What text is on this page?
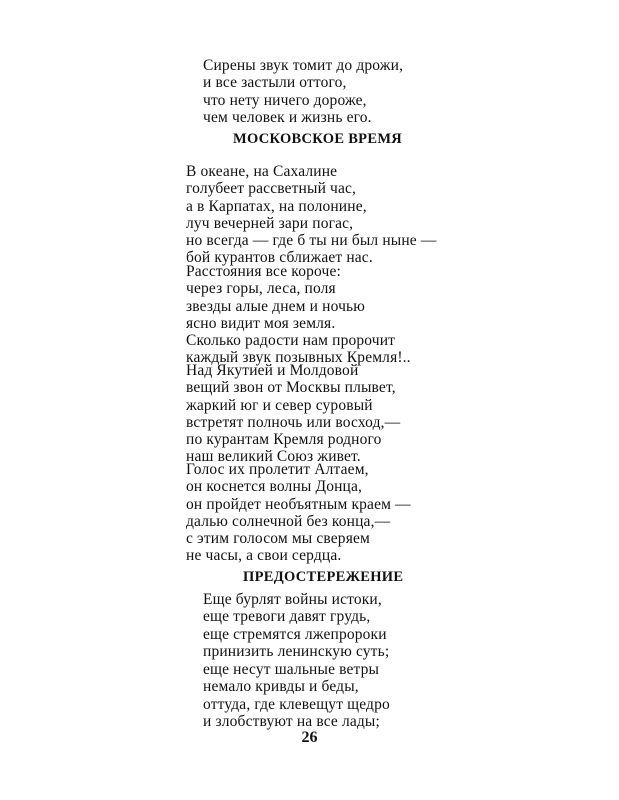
Сирены звук томит до дрожи,
и все застыли оттого,
что нету ничего дороже,
чем человек и жизнь его.
МОСКОВСКОЕ ВРЕМЯ
В океане, на Сахалине
голубеет рассветный час,
а в Карпатах, на полонине,
луч вечерней зари погас,
но всегда — где б ты ни был ныне —
бой курантов сближает нас.
Расстояния все короче:
через горы, леса, поля
звезды алые днем и ночью
ясно видит моя земля.
Сколько радости нам пророчит
каждый звук позывных Кремля!..
Над Якутией и Молдовой
вещий звон от Москвы плывет,
жаркий юг и север суровый
встретят полночь или восход,—
по курантам Кремля родного
наш великий Союз живет.
Голос их пролетит Алтаем,
он коснется волны Донца,
он пройдет необъятным краем —
далью солнечной без конца,—
с этим голосом мы сверяем
не часы, а свои сердца.
ПРЕДОСТЕРЕЖЕНИЕ
Еще бурлят войны истоки,
еще тревоги давят грудь,
еще стремятся лжепророки
принизить ленинскую суть;
еще несут шальные ветры
немало кривды и беды,
оттуда, где клевещут щедро
и злобствуют на все лады;
26
